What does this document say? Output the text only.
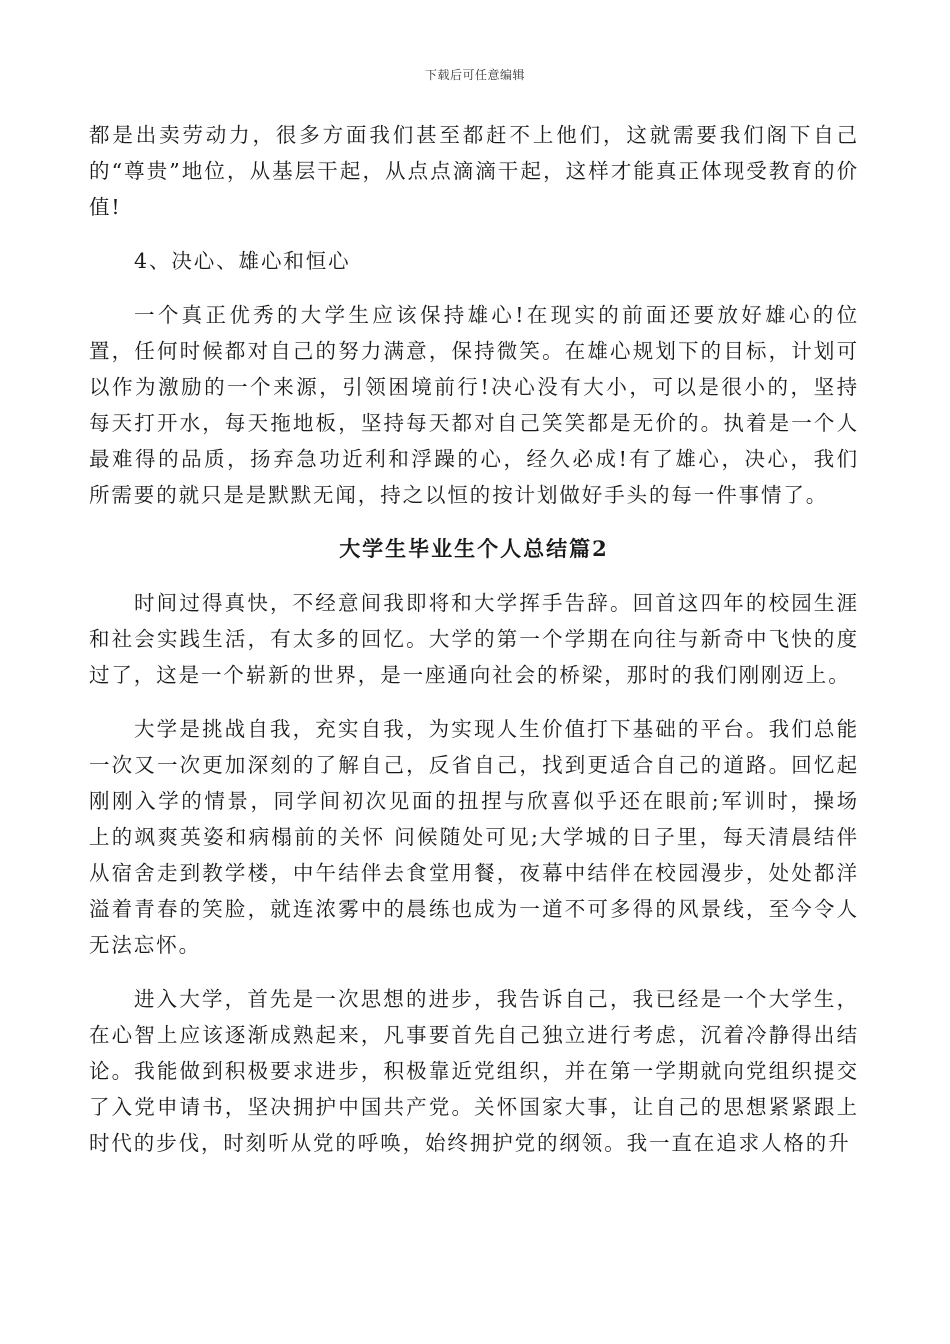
下载后可任意编辑

都是出卖劳动力，很多方面我们甚至都赶不上他们，这就需要我们阁下自己的“尊贵”地位，从基层干起，从点点滴滴干起，这样才能真正体现受教育的价值!

4、决心、雄心和恒心

一个真正优秀的大学生应该保持雄心!在现实的前面还要放好雄心的位置，任何时候都对自己的努力满意，保持微笑。在雄心规划下的目标，计划可以作为激励的一个来源，引领困境前行!决心没有大小，可以是很小的，坚持每天打开水，每天拖地板，坚持每天都对自己笑笑都是无价的。执着是一个人最难得的品质，扬弃急功近利和浮躁的心，经久必成!有了雄心，决心，我们所需要的就只是是默默无闻，持之以恒的按计划做好手头的每一件事情了。

大学生毕业生个人总结篇2

时间过得真快，不经意间我即将和大学挥手告辞。回首这四年的校园生涯和社会实践生活，有太多的回忆。大学的第一个学期在向往与新奇中飞快的度过了，这是一个崭新的世界，是一座通向社会的桥梁，那时的我们刚刚迈上。

大学是挑战自我，充实自我，为实现人生价值打下基础的平台。我们总能一次又一次更加深刻的了解自己，反省自己，找到更适合自己的道路。回忆起刚刚入学的情景，同学间初次见面的扭捏与欣喜似乎还在眼前;军训时，操场上的飒爽英姿和病榻前的关怀 问候随处可见;大学城的日子里，每天清晨结伴从宿舍走到教学楼，中午结伴去食堂用餐，夜幕中结伴在校园漫步，处处都洋溢着青春的笑脸，就连浓雾中的晨练也成为一道不可多得的风景线，至今令人无法忘怀。

进入大学，首先是一次思想的进步，我告诉自己，我已经是一个大学生，在心智上应该逐渐成熟起来，凡事要首先自己独立进行考虑，沉着冷静得出结论。我能做到积极要求进步，积极靠近党组织，并在第一学期就向党组织提交了入党申请书，坚决拥护中国共产党。关怀国家大事，让自己的思想紧紧跟上时代的步伐，时刻听从党的呼唤，始终拥护党的纲领。我一直在追求人格的升
